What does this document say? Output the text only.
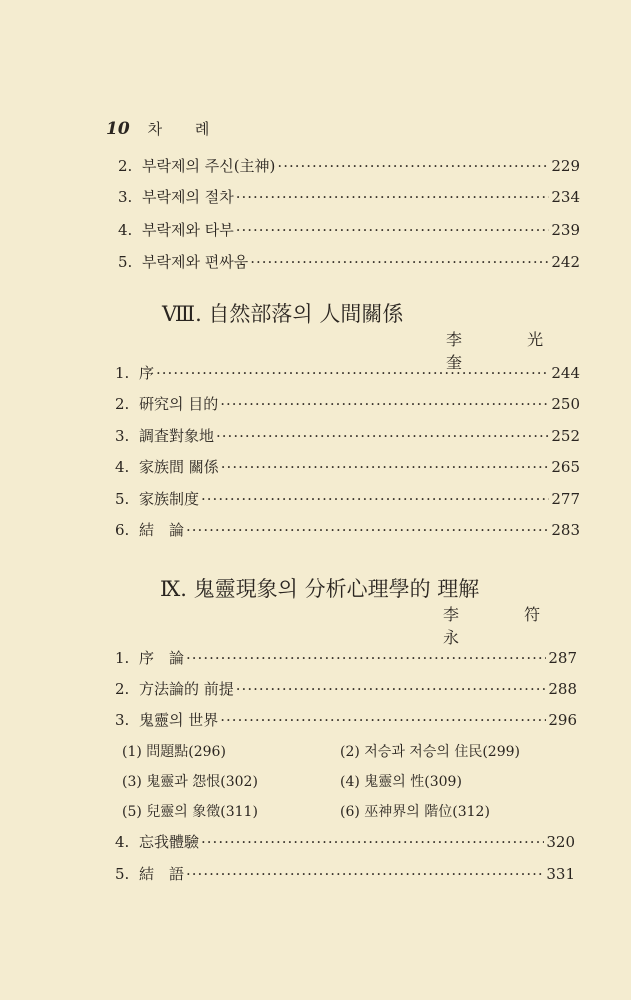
10 차 례
2. 부락제의 주신(主神) ·····	229
3. 부락제의 절차 ·····	234
4. 부락제와 타부 ·····	239
5. 부락제와 편싸움 ·····	242
Ⅷ. 自然部落의 人間關係
李 光 奎
1. 序 ·····	244
2. 硏究의 目的 ·····	250
3. 調査對象地 ·····	252
4. 家族間 關係 ·····	265
5. 家族制度 ·····	277
6. 結　論 ·····	283
Ⅸ. 鬼靈現象의 分析心理學的 理解
李 符 永
1. 序　論 ·····	287
2. 方法論的 前提 ·····	288
3. 鬼靈의 世界 ·····	296
(1) 問題點(296)	(2) 저승과 저승의 住民(299)
(3) 鬼靈과 怨恨(302)	(4) 鬼靈의 性(309)
(5) 兒靈의 象徵(311)	(6) 巫神界의 階位(312)
4. 忘我體驗 ·····	320
5. 結　語 ·····	331
